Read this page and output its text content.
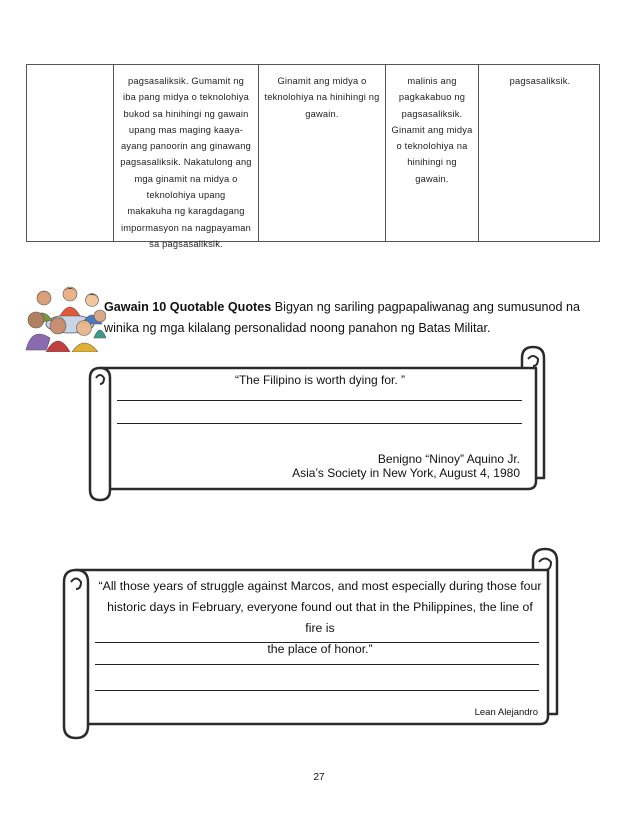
pagsasaliksik. Gumamit ng
iba pang midya o teknolohiya
bukod sa hinihingi ng gawain
upang mas maging kaaya-
ayang panoorin ang ginawang
pagsasaliksik. Nakatulong ang
mga ginamit na midya o
teknolohiya upang
makakuha ng karagdagang
impormasyon na nagpayaman
sa pagsasaliksik.
Ginamit ang midya o
teknolohiya na hinihingi ng
gawain.
malinis ang
pagkakabuo ng
pagsasaliksik.
Ginamit ang midya
o teknolohiya na
hinihingi ng
gawain.
pagsasaliksik.
Gawain 10 Quotable Quotes Bigyan ng sariling pagpapaliwanag ang sumusunod na
winika ng mga kilalang personalidad noong panahon ng Batas Militar.
“The Filipino is worth dying for. ”
Benigno “Ninoy” Aquino Jr.
Asia’s Society in New York, August 4, 1980
“All those years of struggle against Marcos, and most especially during those four
historic days in February, everyone found out that in the Philippines, the line of fire is
the place of honor.”
Lean Alejandro
27
